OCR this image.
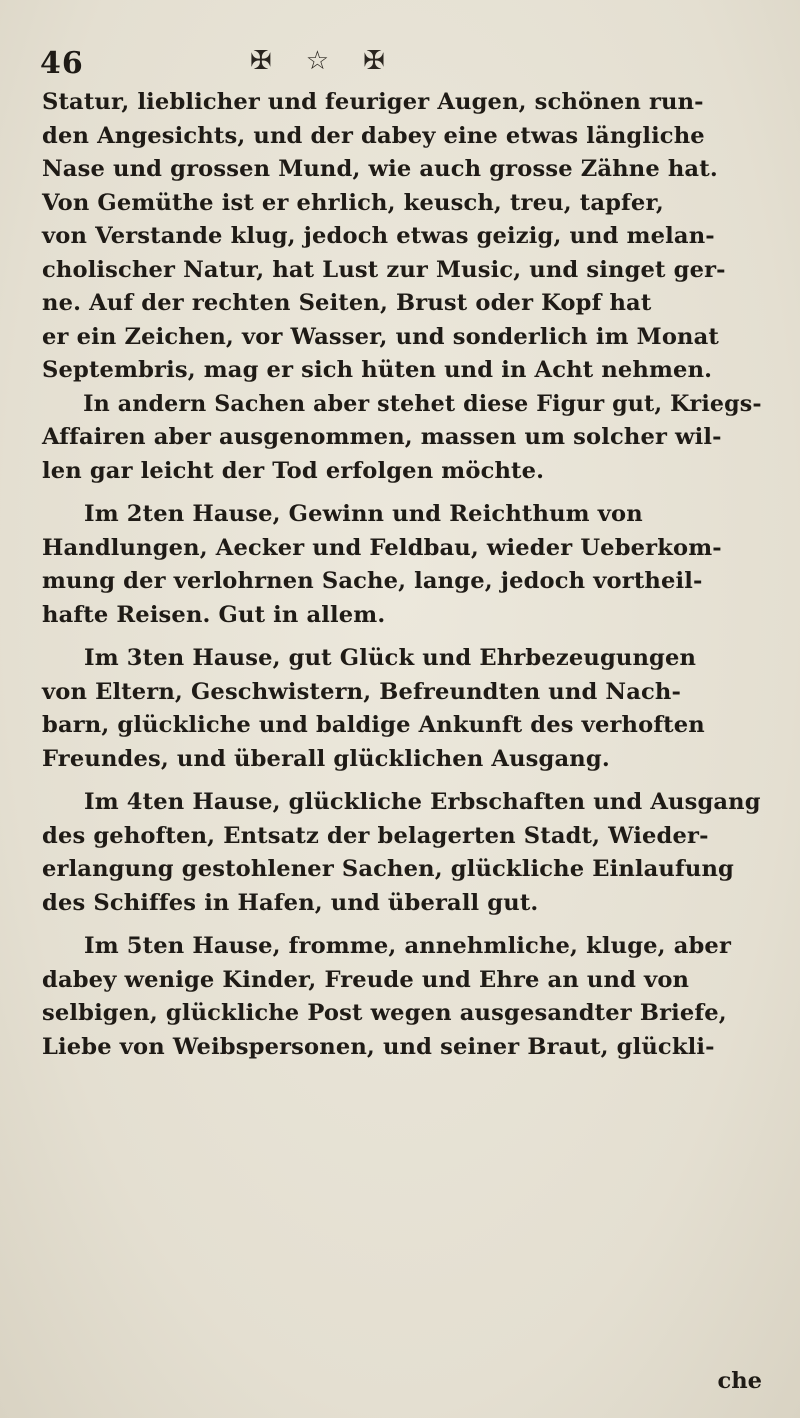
46	✠ ☆ ✠

Statur, lieblicher und feuriger Augen, schönen run-
den Angesichts, und der dabey eine etwas längliche
Nase und grossen Mund, wie auch grosse Zähne hat.
Von Gemüthe ist er ehrlich, keusch, treu, tapfer,
von Verstande klug, jedoch etwas geizig, und melan-
cholischer Natur, hat Lust zur Music, und singet ger-
ne. Auf der rechten Seiten, Brust oder Kopf hat
er ein Zeichen, vor Wasser, und sonderlich im Monat
Septembris, mag er sich hüten und in Acht nehmen.
In andern Sachen aber stehet diese Figur gut, Kriegs-
Affairen aber ausgenommen, massen um solcher wil-
len gar leicht der Tod erfolgen möchte.

Im 2ten Hause, Gewinn und Reichthum von
Handlungen, Aecker und Feldbau, wieder Ueberkom-
mung der verlohrnen Sache, lange, jedoch vortheil-
hafte Reisen. Gut in allem.

Im 3ten Hause, gut Glück und Ehrbezeugungen
von Eltern, Geschwistern, Befreundten und Nach-
barn, glückliche und baldige Ankunft des verhoften
Freundes, und überall glücklichen Ausgang.

Im 4ten Hause, glückliche Erbschaften und Ausgang
des gehoften, Entsatz der belagerten Stadt, Wieder-
erlangung gestohlener Sachen, glückliche Einlaufung
des Schiffes in Hafen, und überall gut.

Im 5ten Hause, fromme, annehmliche, kluge, aber
dabey wenige Kinder, Freude und Ehre an und von
selbigen, glückliche Post wegen ausgesandter Briefe,
Liebe von Weibspersonen, und seiner Braut, glückli-

che
